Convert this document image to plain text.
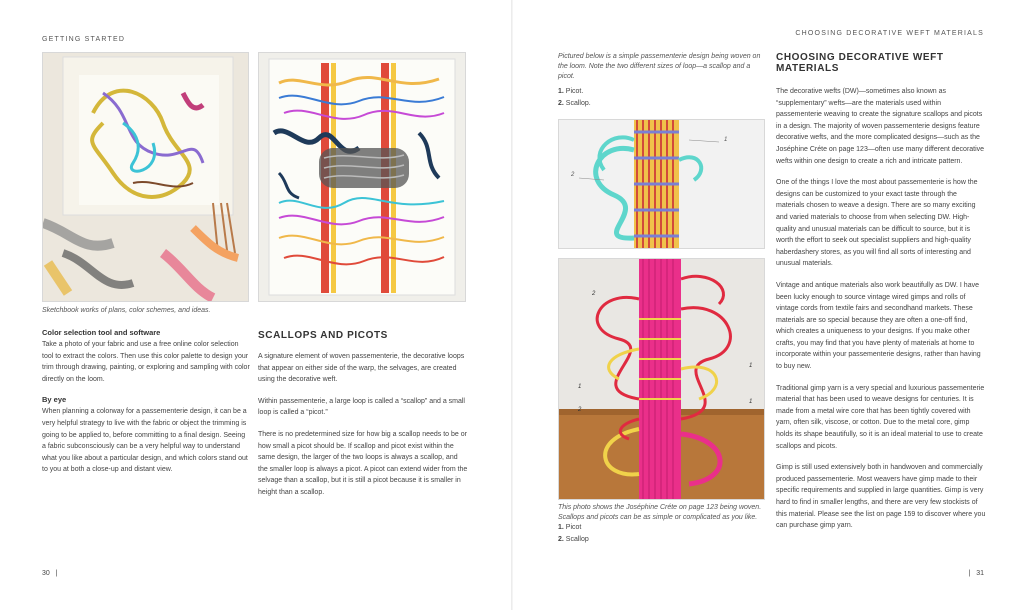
GETTING STARTED
Sketchbook works of plans, color schemes, and ideas.
Color selection tool and software

Take a photo of your fabric and use a free online color selection tool to extract the colors. Then use this color palette to design your trim through drawing, painting, or exploring and sampling with color directly on the loom.

By eye

When planning a colorway for a passementerie design, it can be a very helpful strategy to live with the fabric or object the trimming is going to be applied to, before committing to a final design. Seeing a fabric subconsciously can be a very helpful way to understand what you like about a particular design, and which colors stand out to you at both a close-up and distant view.

SCALLOPS AND PICOTS

A signature element of woven passementerie, the decorative loops that appear on either side of the warp, the selvages, are created using the decorative weft.

Within passementerie, a large loop is called a “scallop” and a small loop is called a “picot.”

There is no predetermined size for how big a scallop needs to be or how small a picot should be. If scallop and picot exist within the same design, the larger of the two loops is always a scallop, and the smaller loop is always a picot. A picot can extend wider from the selvage than a scallop, but it is still a picot because it is smaller in height than a scallop.

30   |
CHOOSING DECORATIVE WEFT MATERIALS
Pictured below is a simple passementerie design being woven on the loom. Note the two different sizes of loop—a scallop and a picot.
1. Picot.
2. Scallop.
1
2
2
1
1
2
1
This photo shows the Joséphine Créte on page 123 being woven. Scallops and picots can be as simple or complicated as you like.
1. Picot
2. Scallop
CHOOSING DECORATIVE WEFT MATERIALS

The decorative wefts (DW)—sometimes also known as “supplementary” wefts—are the materials used within passementerie weaving to create the signature scallops and picots in a design. The majority of woven passementerie designs feature decorative wefts, and the more complicated designs—such as the Joséphine Créte on page 123—often use many different decorative wefts within one design to create a rich and intricate pattern.

One of the things I love the most about passementerie is how the designs can be customized to your exact taste through the materials chosen to weave a design. There are so many exciting and varied materials to choose from when selecting DW. High-quality and unusual materials can be difficult to source, but it is worth the effort to seek out specialist suppliers and high-quality haberdashery stores, as you will find all sorts of interesting and unusual materials.

Vintage and antique materials also work beautifully as DW. I have been lucky enough to source vintage wired gimps and rolls of vintage cords from textile fairs and secondhand markets. These materials are so special because they are often a one-off find, which creates a uniqueness to your designs. If you make other crafts, you may find that you have plenty of materials at home to incorporate within your passementerie designs, rather than having to buy new.

Traditional gimp yarn is a very special and luxurious passementerie material that has been used to weave designs for centuries. It is made from a metal wire core that has been tightly covered with yarn, often silk, viscose, or cotton. Due to the metal core, gimp holds its shape beautifully, so it is an ideal material to use to create scallops and picots.

Gimp is still used extensively both in handwoven and commercially produced passementerie. Most weavers have gimp made to their specific requirements and supplied in large quantities. Gimp is very hard to find in smaller lengths, and there are very few stockists of this material. Please see the list on page 159 to discover where you can purchase gimp yarn.

|   31
